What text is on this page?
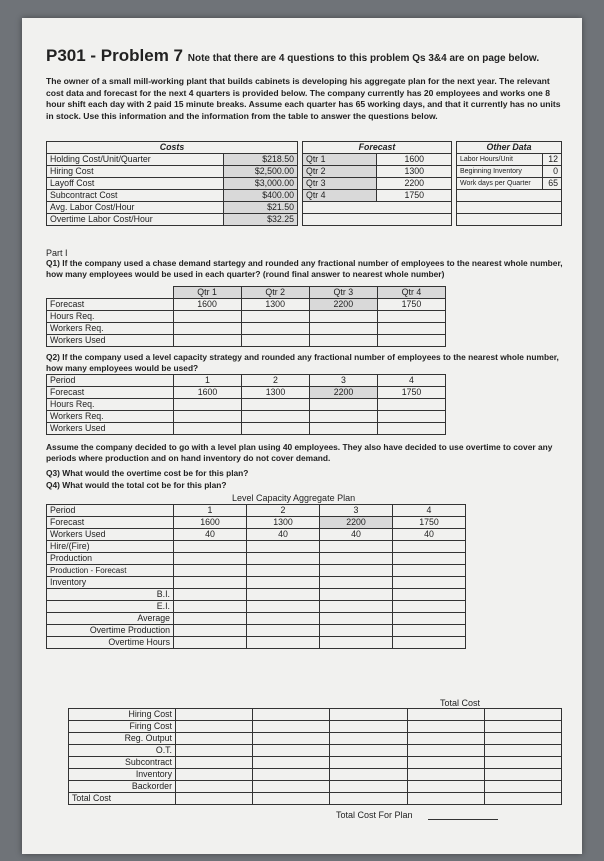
P301 - Problem 7 Note that there are 4 questions to this problem Qs 3&4 are on page below.
The owner of a small mill-working plant that builds cabinets is developing his aggregate plan for the next year. The relevant cost data and forecast for the next 4 quarters is provided below. The company currently has 20 employees and works one 8 hour shift each day with 2 paid 15 minute breaks. Assume each quarter has 65 working days, and that it currently has no units in stock. Use this information and the information from the table to answer the questions below.
Costs	
Holding Cost/Unit/Quarter	$218.50
Hiring Cost	$2,500.00
Layoff Cost	$3,000.00
Subcontract Cost	$400.00
Avg. Labor Cost/Hour	$21.50
Overtime Labor Cost/Hour	$32.25
Forecast	
Qtr 1	1600
Qtr 2	1300
Qtr 3	2200
Qtr 4	1750

Other Data	
Labor Hours/Unit	12
Beginning Inventory	0
Work days per Quarter	65

Part I
Q1) If the company used a chase demand startegy and rounded any fractional number of employees to the nearest whole number, how many employees would be used in each quarter? (round final answer to nearest whole number)
	Qtr 1	Qtr 2	Qtr 3	Qtr 4
Forecast	1600	1300	2200	1750
Hours Req.				
Workers Req.				
Workers Used				
Q2) If the company used a level capacity strategy and rounded any fractional number of employees to the nearest whole number, how many employees would be used?
Period	1	2	3	4
Forecast	1600	1300	2200	1750
Hours Req.				
Workers Req.				
Workers Used				
Assume the company decided to go with a level plan using 40 employees. They also have decided to use overtime to cover any periods where production and on hand inventory do not cover demand.
Q3) What would the overtime cost be for this plan?
Q4) What would the total cot be for this plan?
Level Capacity Aggregate Plan
Period	1	2	3	4
Forecast	1600	1300	2200	1750
Workers Used	40	40	40	40
Hire/(Fire)				
Production				
Production - Forecast				
Inventory				
B.I.				
E.I.				
Average				
Overtime Production				
Overtime Hours				
Total Cost
Hiring Cost					
Firing Cost					
Reg. Output					
O.T.					
Subcontract					
Inventory					
Backorder					
Total Cost					
Total Cost For Plan
